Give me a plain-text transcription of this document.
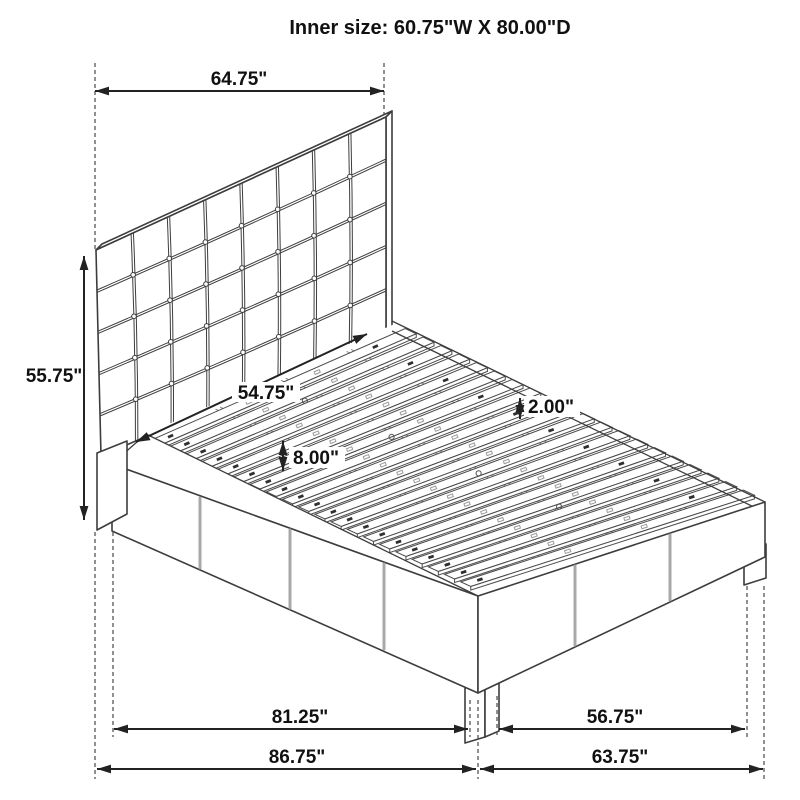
64.75"
55.75"
54.75"
8.00"
2.00"
81.25"	56.75"
86.75"	63.75"
Inner size: 60.75"W X 80.00"D
